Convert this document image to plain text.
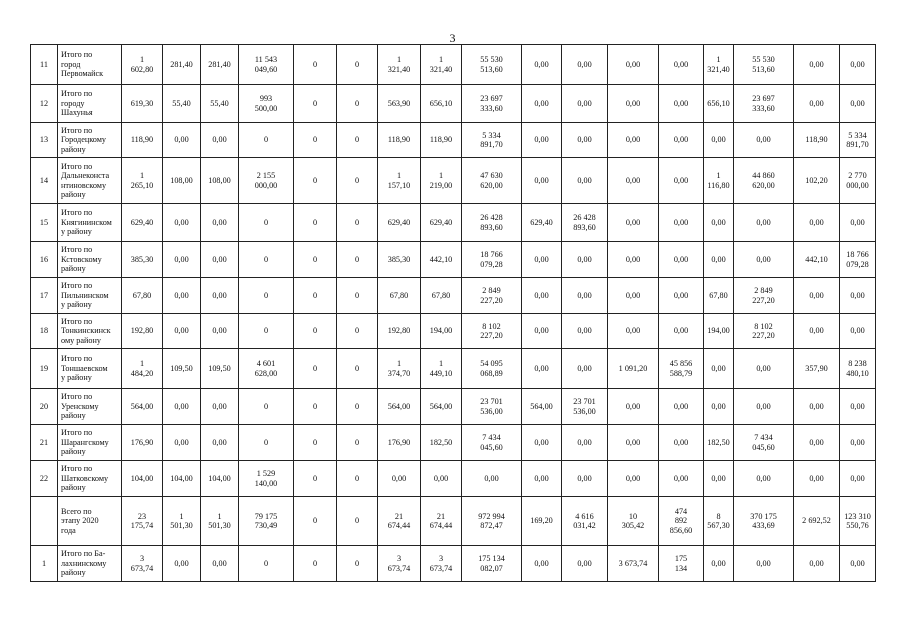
3
11	Итого по
город
Первомайск	1
602,80	281,40	281,40	11 543
049,60	0	0	1
321,40	1
321,40	55 530
513,60	0,00	0,00	0,00	0,00	1
321,40	55 530
513,60	0,00	0,00
12	Итого по
городу
Шахунья	619,30	55,40	55,40	993
500,00	0	0	563,90	656,10	23 697
333,60	0,00	0,00	0,00	0,00	656,10	23 697
333,60	0,00	0,00
13	Итого по
Городецкому
району	118,90	0,00	0,00	0	0	0	118,90	118,90	5 334
891,70	0,00	0,00	0,00	0,00	0,00	0,00	118,90	5 334
891,70
14	Итого по
Дальнеконста
нтиновскому
району	1
265,10	108,00	108,00	2 155
000,00	0	0	1
157,10	1
219,00	47 630
620,00	0,00	0,00	0,00	0,00	1
116,80	44 860
620,00	102,20	2 770
000,00
15	Итого по
Княгининском
у району	629,40	0,00	0,00	0	0	0	629,40	629,40	26 428
893,60	629,40	26 428
893,60	0,00	0,00	0,00	0,00	0,00	0,00
16	Итого по
Кстовскому
району	385,30	0,00	0,00	0	0	0	385,30	442,10	18 766
079,28	0,00	0,00	0,00	0,00	0,00	0,00	442,10	18 766
079,28
17	Итого по
Пильнинском
у району	67,80	0,00	0,00	0	0	0	67,80	67,80	2 849
227,20	0,00	0,00	0,00	0,00	67,80	2 849
227,20	0,00	0,00
18	Итого по
Тонкинскинск
ому району	192,80	0,00	0,00	0	0	0	192,80	194,00	8 102
227,20	0,00	0,00	0,00	0,00	194,00	8 102
227,20	0,00	0,00
19	Итого по
Тоншаевском
у району	1
484,20	109,50	109,50	4 601
628,00	0	0	1
374,70	1
449,10	54 095
068,89	0,00	0,00	1 091,20	45 856
588,79	0,00	0,00	357,90	8 238
480,10
20	Итого по
Уренскому
району	564,00	0,00	0,00	0	0	0	564,00	564,00	23 701
536,00	564,00	23 701
536,00	0,00	0,00	0,00	0,00	0,00	0,00
21	Итого по
Шарангскому
району	176,90	0,00	0,00	0	0	0	176,90	182,50	7 434
045,60	0,00	0,00	0,00	0,00	182,50	7 434
045,60	0,00	0,00
22	Итого по
Шатковскому
району	104,00	104,00	104,00	1 529
140,00	0	0	0,00	0,00	0,00	0,00	0,00	0,00	0,00	0,00	0,00	0,00	0,00
	Всего по
этапу 2020
года	23
175,74	1
501,30	1
501,30	79 175
730,49	0	0	21
674,44	21
674,44	972 994
872,47	169,20	4 616
031,42	10
305,42	474
892
856,60	8
567,30	370 175
433,69	2 692,52	123 310
550,76
1	Итого по Ба-
лахнинскому
району	3
673,74	0,00	0,00	0	0	0	3
673,74	3
673,74	175 134
082,07	0,00	0,00	3 673,74	175
134	0,00	0,00	0,00	0,00
